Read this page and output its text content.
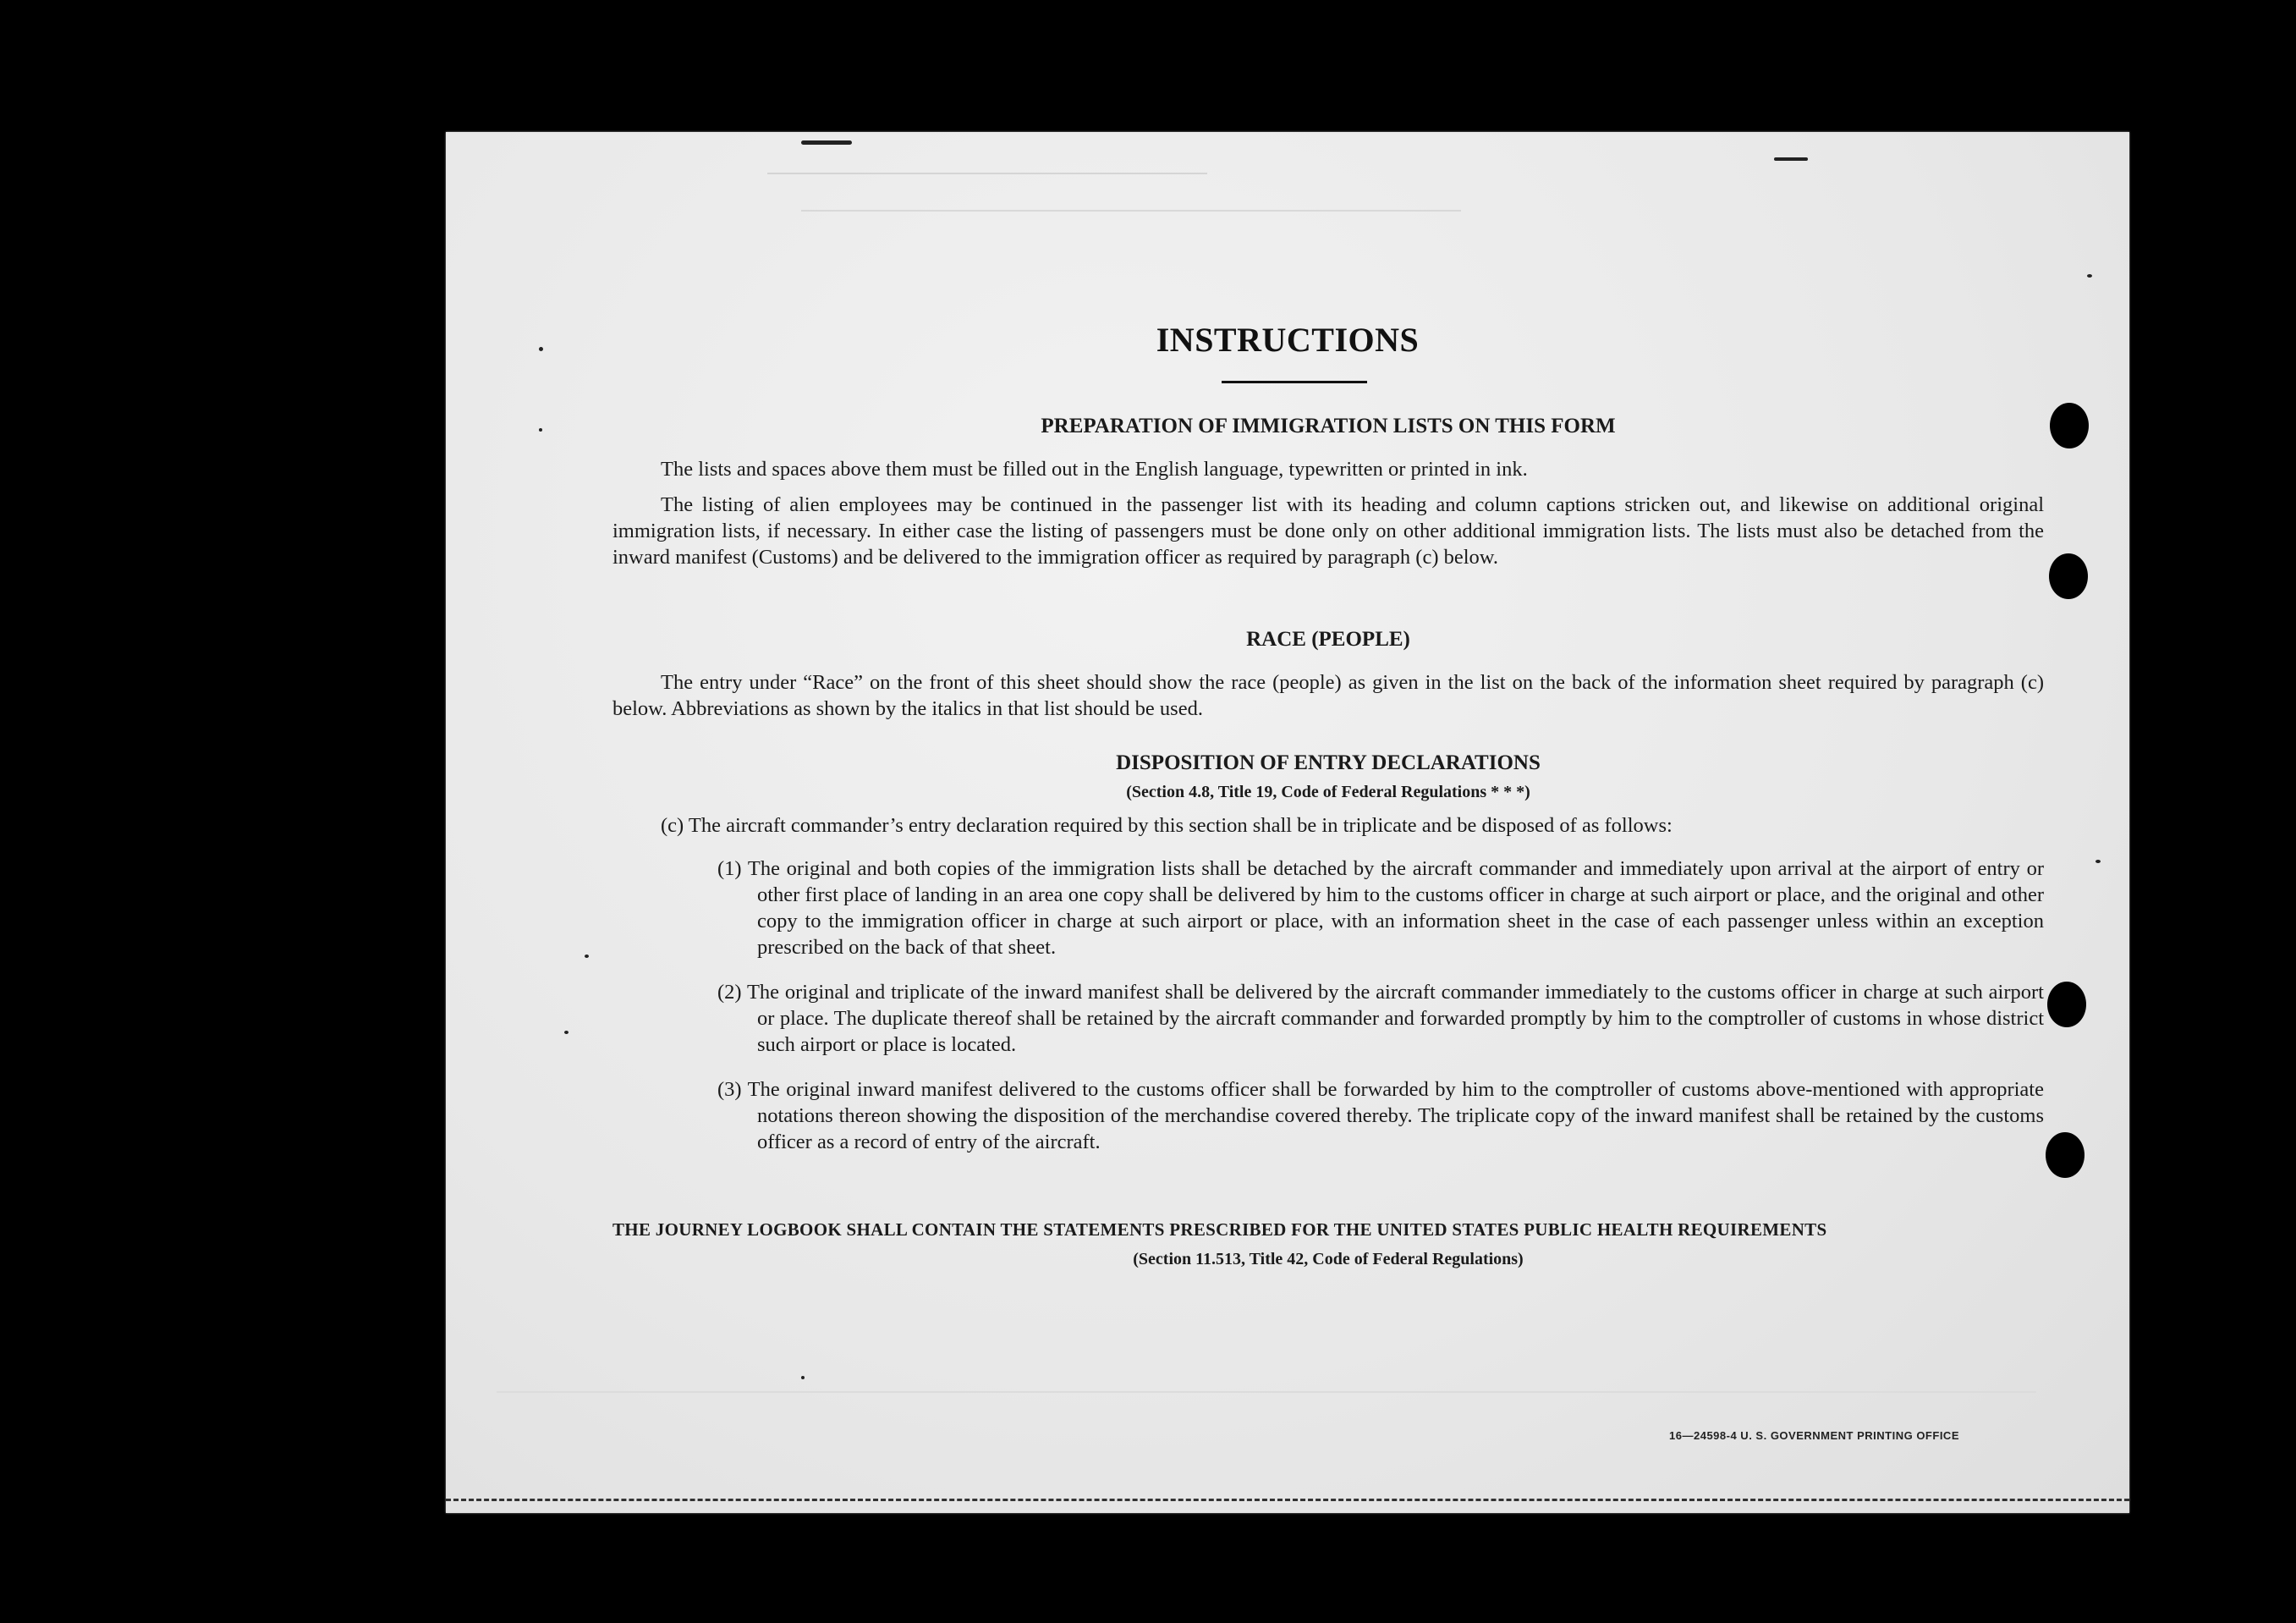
INSTRUCTIONS

PREPARATION OF IMMIGRATION LISTS ON THIS FORM

The lists and spaces above them must be filled out in the English language, typewritten or printed in ink.

The listing of alien employees may be continued in the passenger list with its heading and column captions stricken out, and likewise on additional original immigration lists, if necessary. In either case the listing of passengers must be done only on other additional immigration lists. The lists must also be detached from the inward manifest (Customs) and be delivered to the immigration officer as required by paragraph (c) below.

RACE (PEOPLE)

The entry under “Race” on the front of this sheet should show the race (people) as given in the list on the back of the information sheet required by paragraph (c) below. Abbreviations as shown by the italics in that list should be used.

DISPOSITION OF ENTRY DECLARATIONS

(Section 4.8, Title 19, Code of Federal Regulations * * *)

(c) The aircraft commander’s entry declaration required by this section shall be in triplicate and be disposed of as follows:

(1) The original and both copies of the immigration lists shall be detached by the aircraft commander and immediately upon arrival at the airport of entry or other first place of landing in an area one copy shall be delivered by him to the customs officer in charge at such airport or place, and the original and other copy to the immigration officer in charge at such airport or place, with an information sheet in the case of each passenger unless within an exception prescribed on the back of that sheet.

(2) The original and triplicate of the inward manifest shall be delivered by the aircraft commander immediately to the customs officer in charge at such airport or place. The duplicate thereof shall be retained by the aircraft commander and forwarded promptly by him to the comptroller of customs in whose district such airport or place is located.

(3) The original inward manifest delivered to the customs officer shall be forwarded by him to the comptroller of customs above-mentioned with appropriate notations thereon showing the disposition of the merchandise covered thereby. The triplicate copy of the inward manifest shall be retained by the customs officer as a record of entry of the aircraft.

THE JOURNEY LOGBOOK SHALL CONTAIN THE STATEMENTS PRESCRIBED FOR THE UNITED STATES PUBLIC HEALTH REQUIREMENTS

(Section 11.513, Title 42, Code of Federal Regulations)

16—24598-4 U. S. GOVERNMENT PRINTING OFFICE
